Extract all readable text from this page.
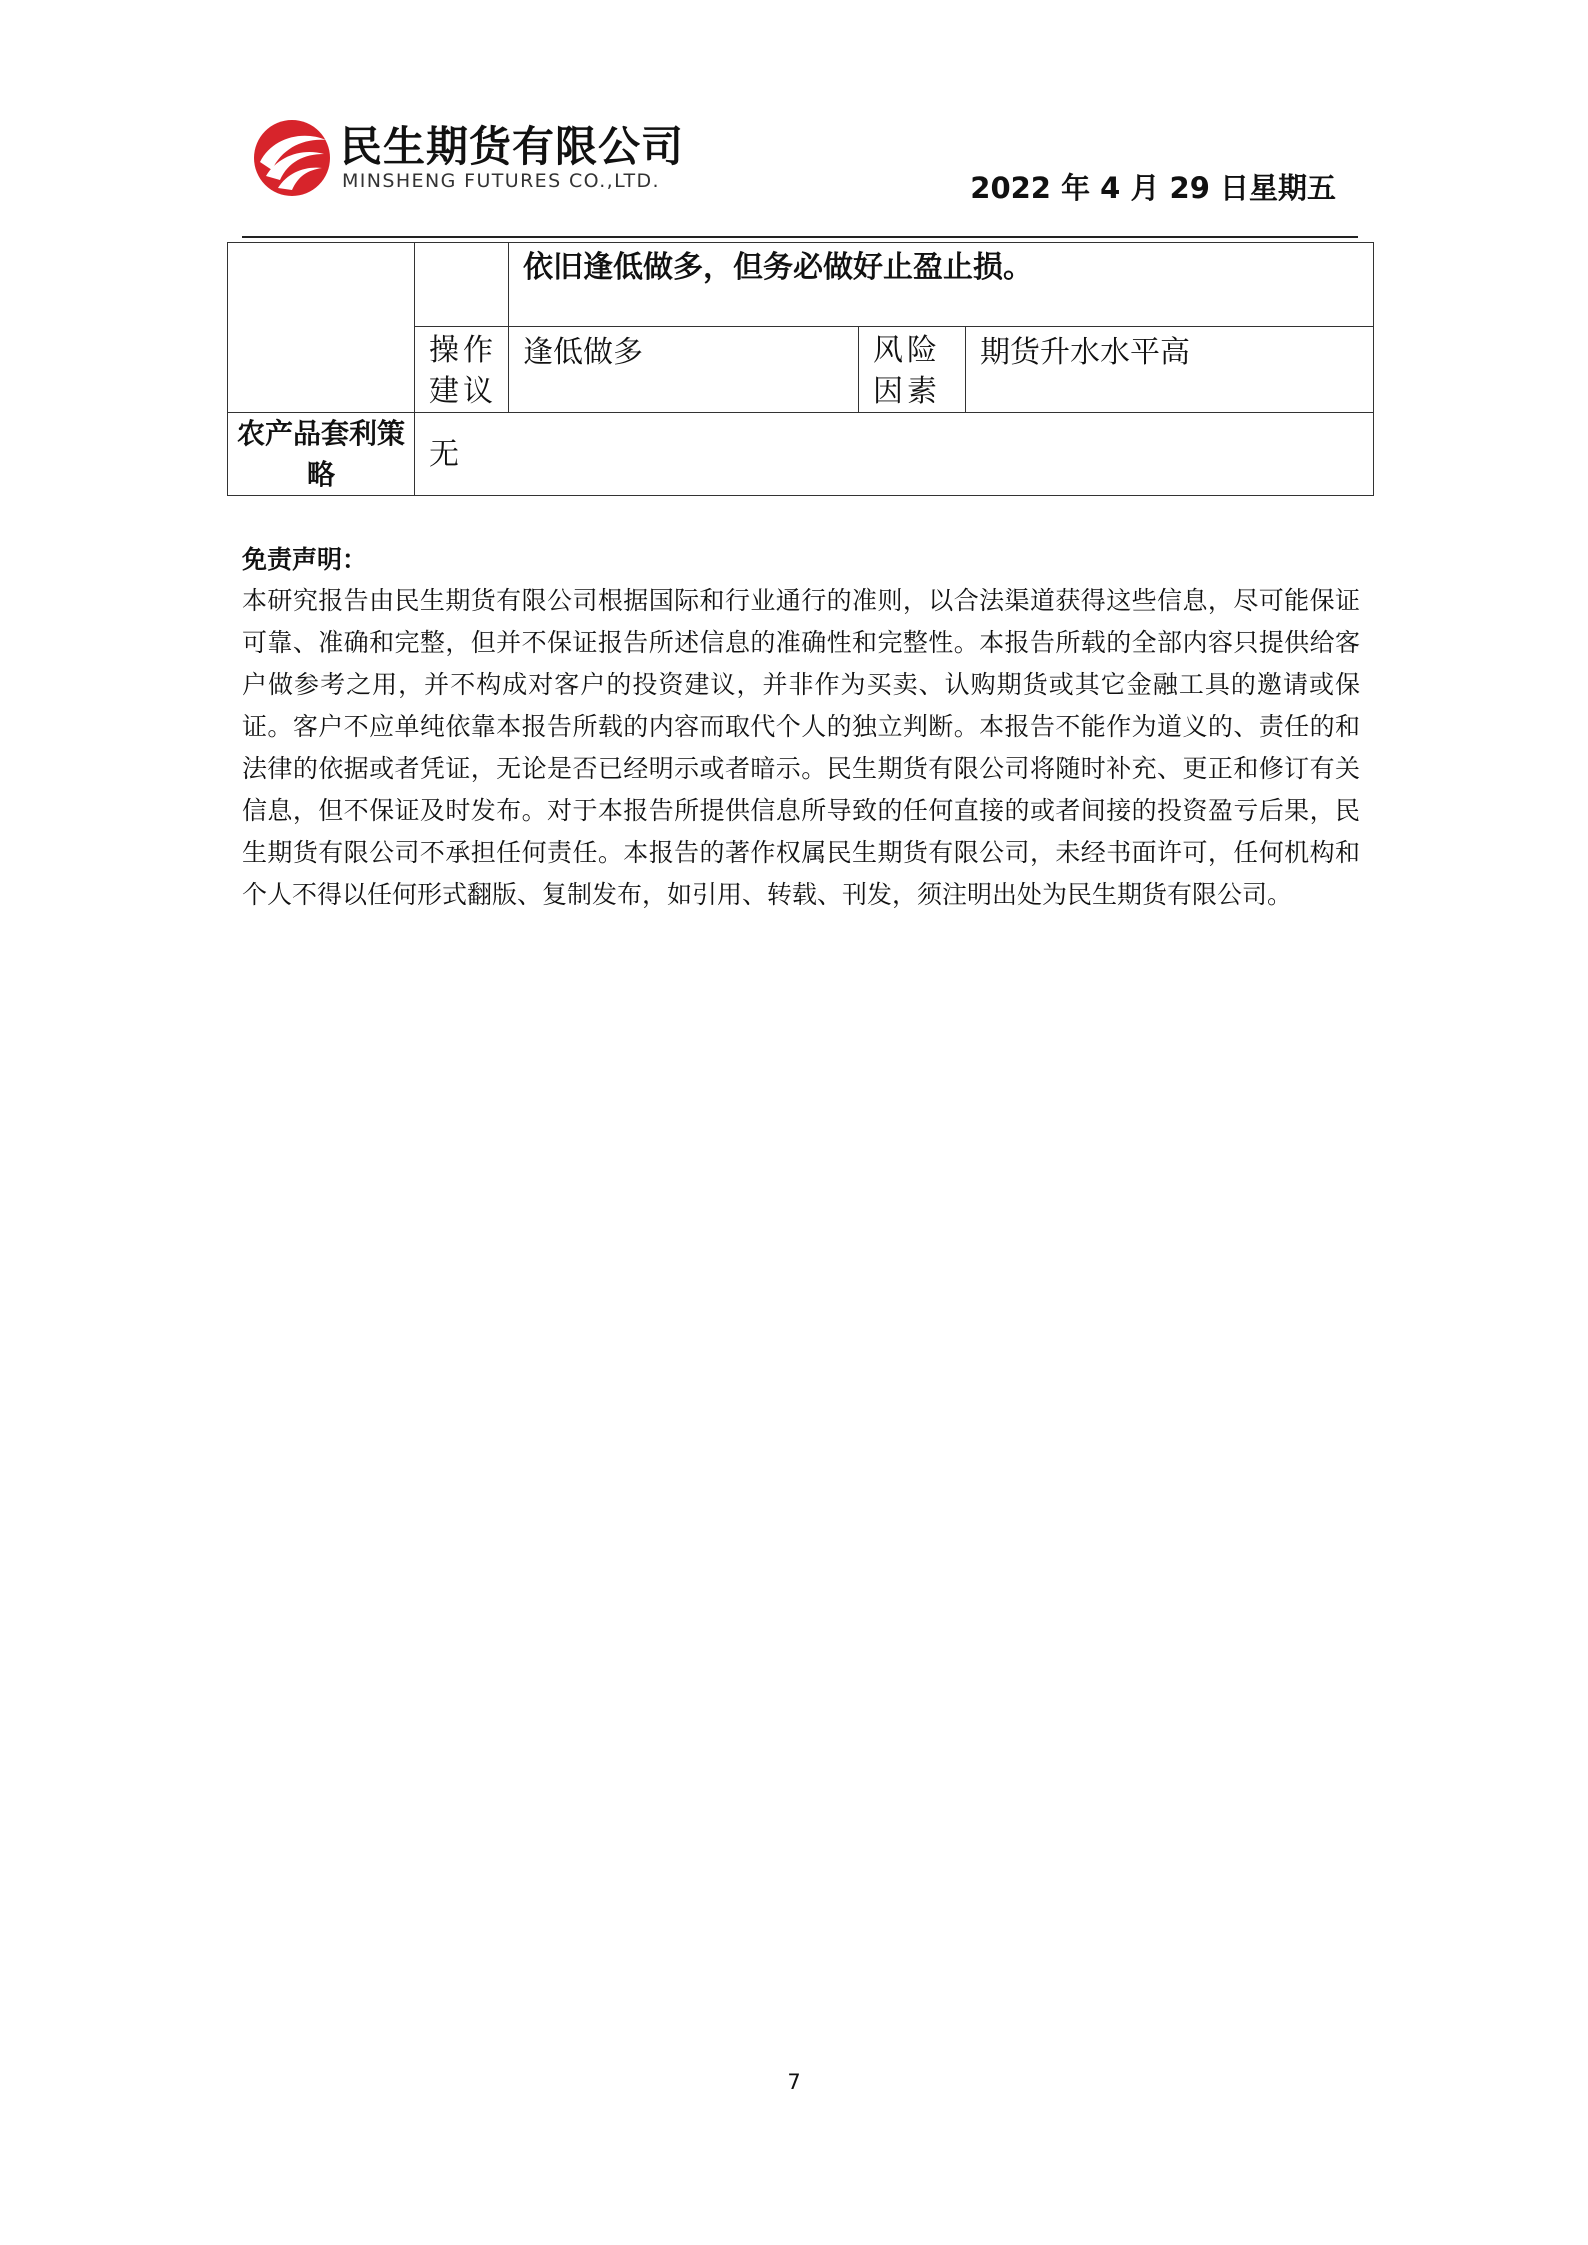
民生期货有限公司
MINSHENG FUTURES CO.,LTD.	2022 年 4 月 29 日星期五
		依旧逢低做多，但务必做好止盈止损。		
	操作建议	逢低做多	风险因素	期货升水水平高
农产品套利策略	无			
免责声明：
本研究报告由民生期货有限公司根据国际和行业通行的准则，以合法渠道获得这些信息，尽可能保证可靠、准确和完整，但并不保证报告所述信息的准确性和完整性。本报告所载的全部内容只提供给客户做参考之用，并不构成对客户的投资建议，并非作为买卖、认购期货或其它金融工具的邀请或保证。客户不应单纯依靠本报告所载的内容而取代个人的独立判断。本报告不能作为道义的、责任的和法律的依据或者凭证，无论是否已经明示或者暗示。民生期货有限公司将随时补充、更正和修订有关信息，但不保证及时发布。对于本报告所提供信息所导致的任何直接的或者间接的投资盈亏后果，民生期货有限公司不承担任何责任。本报告的著作权属民生期货有限公司，未经书面许可，任何机构和个人不得以任何形式翻版、复制发布，如引用、转载、刊发，须注明出处为民生期货有限公司。
7
